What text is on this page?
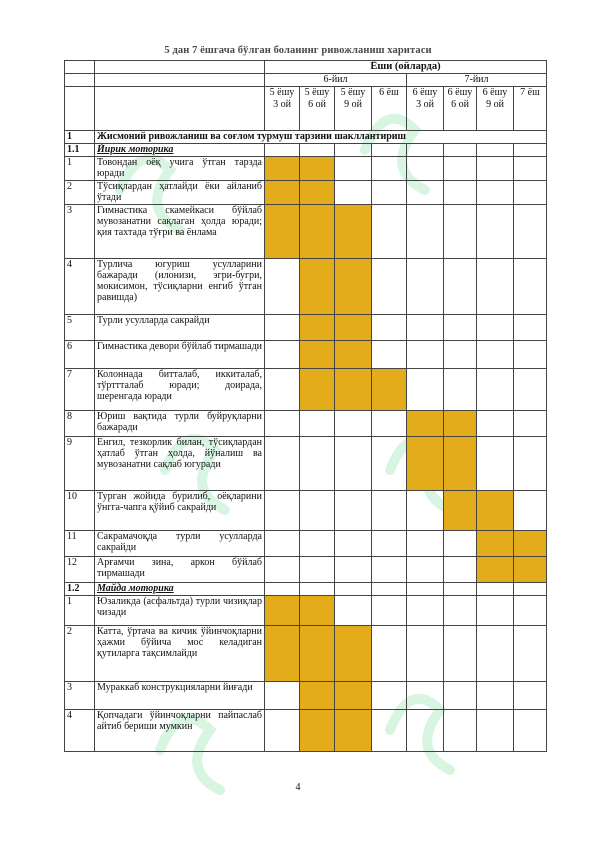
5 дан 7 ёшгача бўлган боланинг ривожланиш харитаси
		Ёши (ойларда)							
		6-йил				7-йил			
		5 ёшу 3 ой	5 ёшу 6 ой	5 ёшу 9 ой	6 ёш	6 ёшу 3 ой	6 ёшу 6 ой	6 ёшу 9 ой	7 ёш
1	Жисмоний ривожланиш ва соғлом турмуш тарзини шакллантириш								
1.1	Йирик моторика								
1	Товондан оёқ учига ўтган тарзда юради								
2	Тўсиқлардан ҳатлайди ёки айланиб ўтади								
3	Гимнастика скамейкаси бўйлаб мувозанатни сақлаган ҳолда юради; қия тахтада тўғри ва ёнлама								
4	Турлича югуриш усулларини бажаради (илонизи, эгри-бугри, мокисимон, тўсиқларни енгиб ўтган равишда)								
5	Турли усулларда сакрайди								
6	Гимнастика девори бўйлаб тирмашади								
7	Колоннада битталаб, иккиталаб, тўрттталаб юради; доирада, шеренгада юради								
8	Юриш вақтида турли буйруқларни бажаради								
9	Енгил, тезкорлик билан, тўсиқлардан ҳатлаб ўтган ҳолда, йўналиш ва мувозанатни сақлаб югуради								
10	Турган жойида бурилиб, оёқларини ўнгга-чапга қўйиб сакрайди								
11	Сакрамачоқда турли усулларда сакрайди								
12	Арғамчи зина, аркон бўйлаб тирмашади								
1.2	Майда моторика								
1	Юзаликда (асфальтда) турли чизиқлар чизади								
2	Катта, ўртача ва кичик ўйинчоқларни ҳажми бўйича мос келадиган қутиларга тақсимлайди								
3	Мураккаб конструкцияларни йиғади								
4	Қопчадаги ўйинчоқларни пайпаслаб айтиб бериши мумкин								
4
